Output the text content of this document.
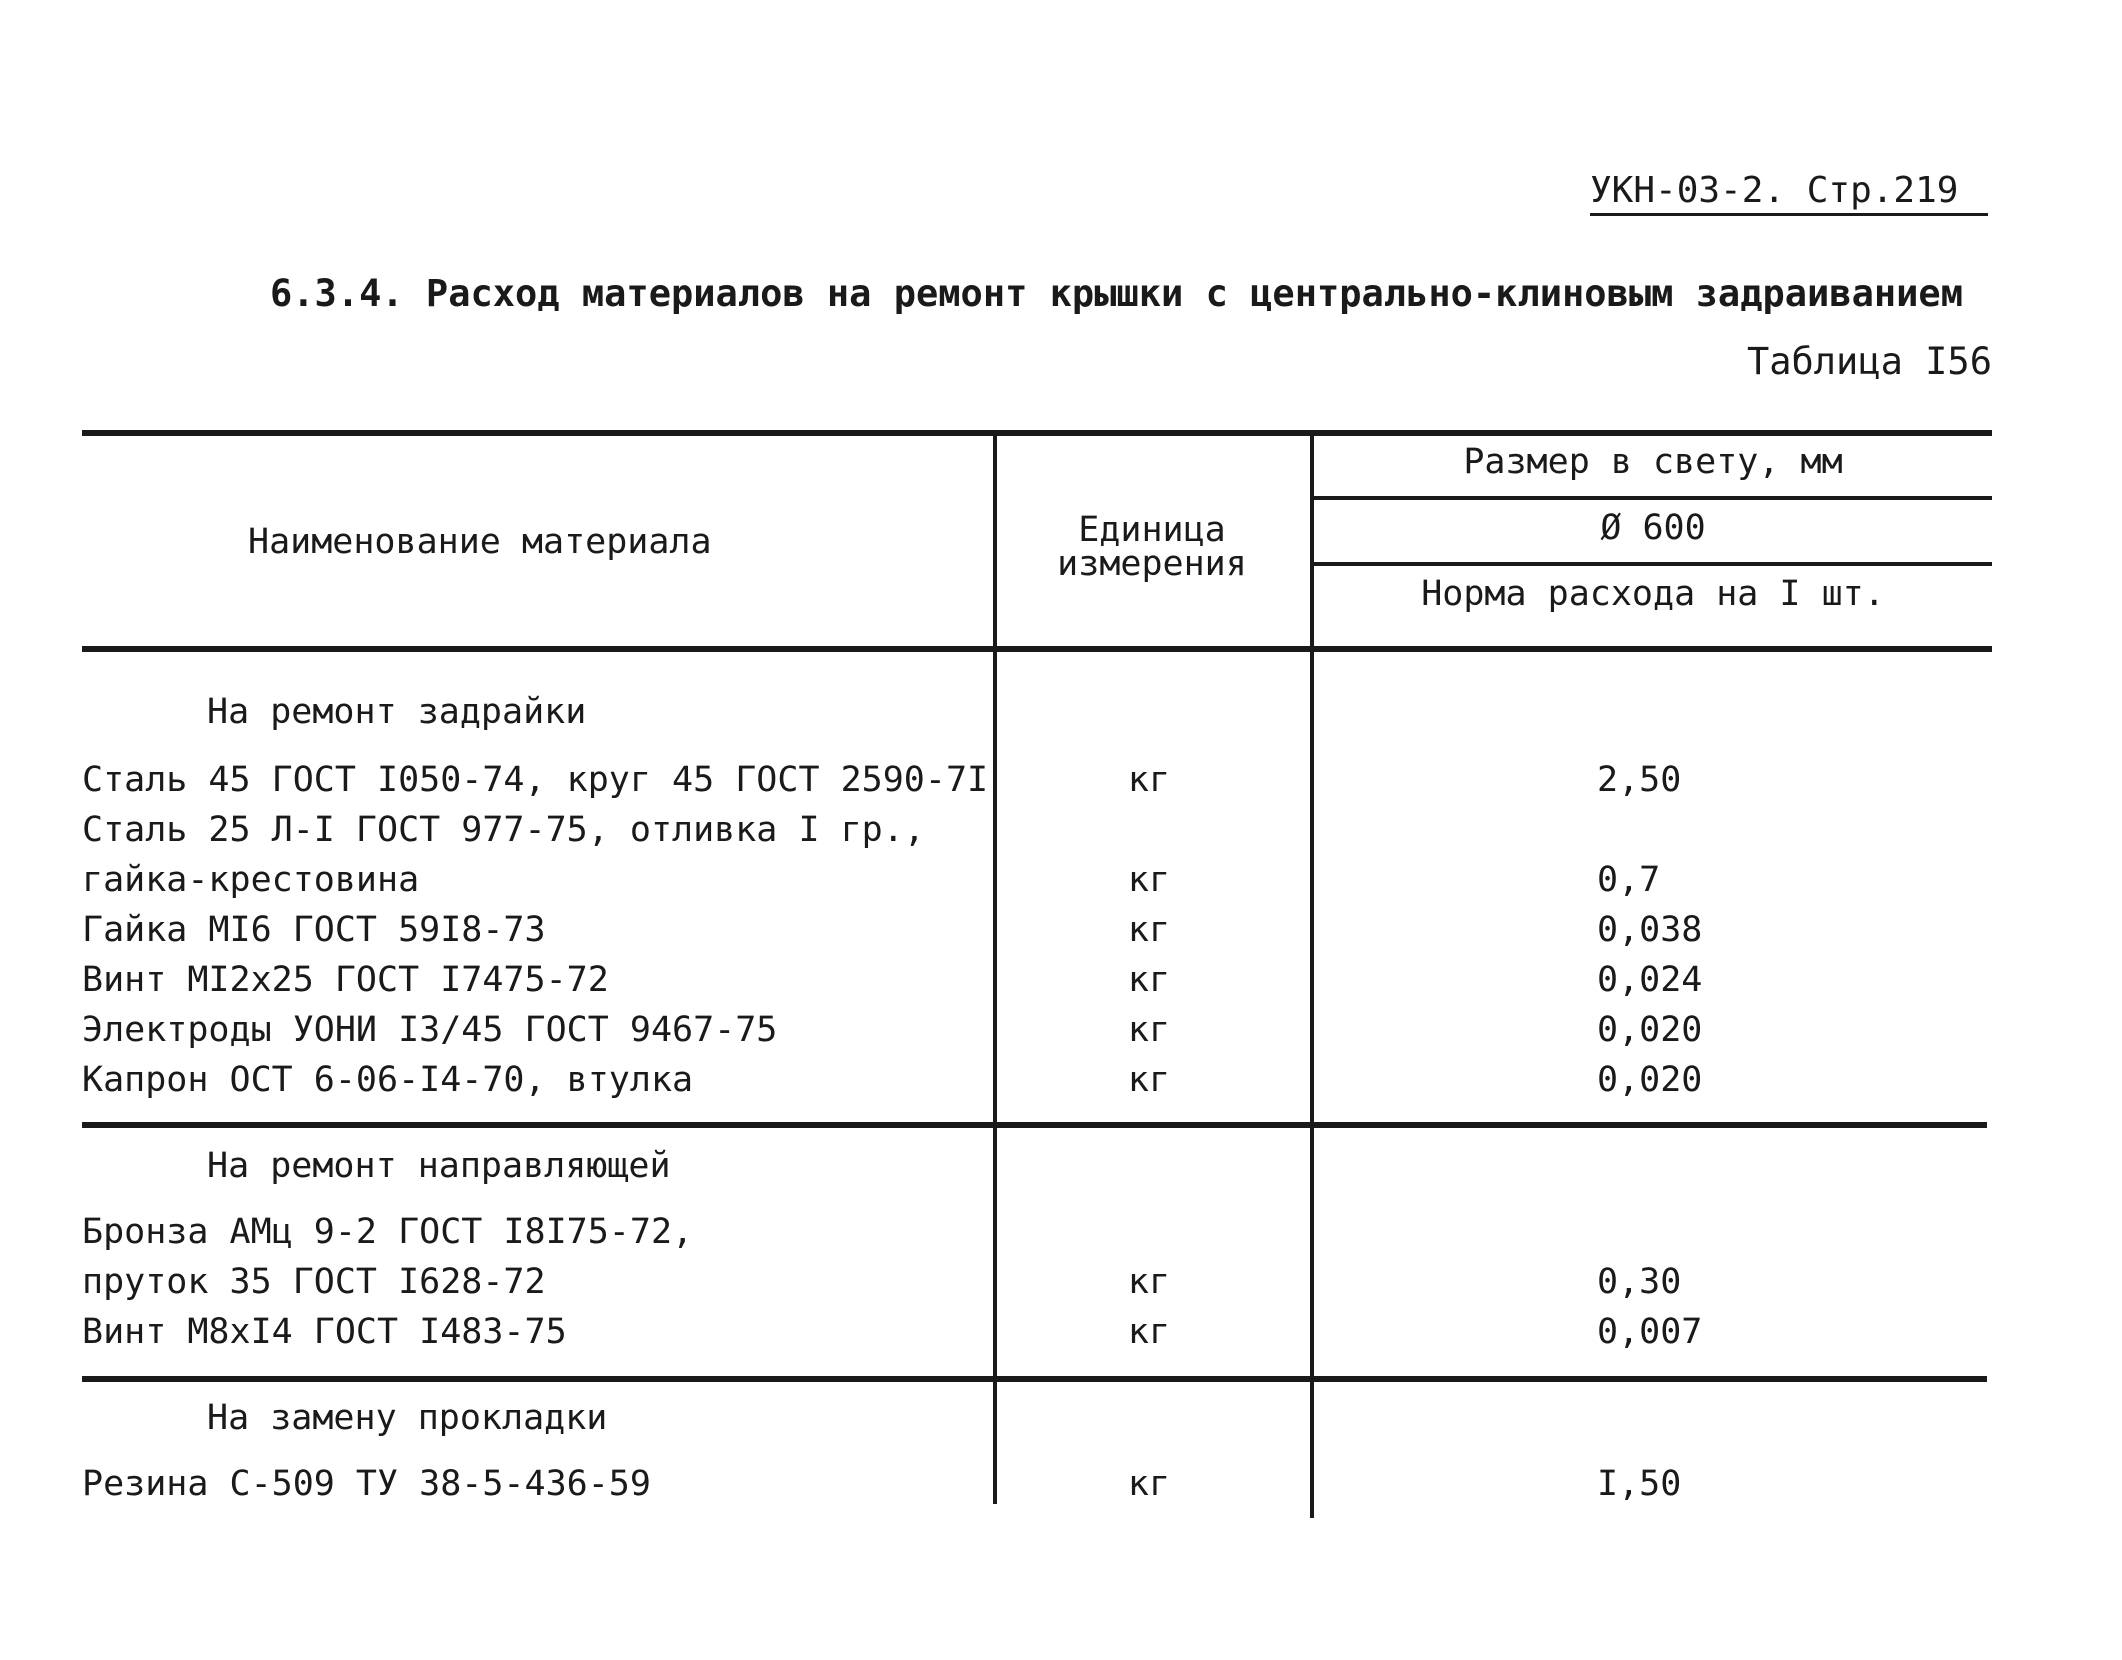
УКН-03-2. Стр.219
6.3.4. Расход материалов на ремонт крышки с центрально-клиновым задраиванием
Таблица I56
Наименование материала	Единица
измерения
Размер в свету, мм
Ø 600
Норма расхода на I шт.
На ремонт задрайки
Сталь 45 ГОСТ I050-74, круг 45 ГОСТ 2590-7I	кг	2,50
Сталь 25 Л-I ГОСТ 977-75, отливка I гр.,
гайка-крестовина	кг	0,7
Гайка MI6 ГОСТ 59I8-73	кг	0,038
Винт MI2x25 ГОСТ I7475-72	кг	0,024
Электроды УОНИ I3/45 ГОСТ 9467-75	кг	0,020
Капрон ОСТ 6-06-I4-70, втулка	кг	0,020
На ремонт направляющей
Бронза АМц 9-2 ГОСТ I8I75-72,
пруток 35 ГОСТ I628-72	кг	0,30
Винт M8xI4 ГОСТ I483-75	кг	0,007
На замену прокладки
Резина С-509 ТУ 38-5-436-59	кг	I,50
